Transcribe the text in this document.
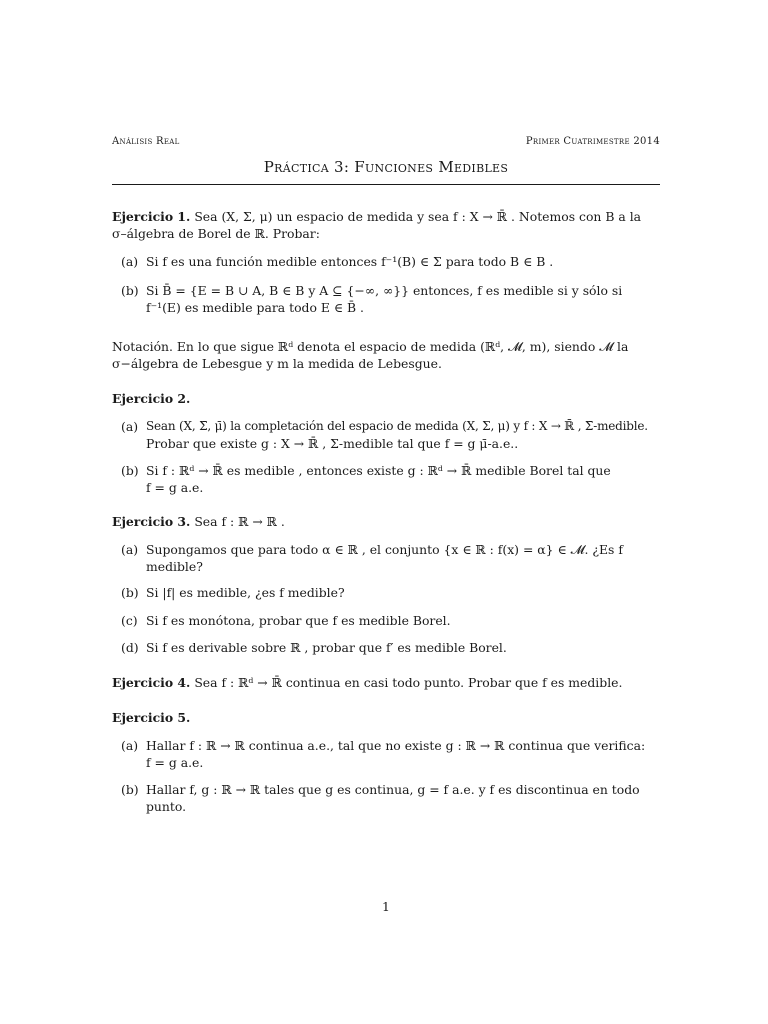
Análisis Real	Primer Cuatrimestre 2014
Práctica 3: Funciones Medibles
Ejercicio 1. Sea (X, Σ, μ) un espacio de medida y sea f : X → ℝ̄ . Notemos con B a la
σ–álgebra de Borel de ℝ. Probar:
(a) Si f es una función medible entonces f⁻¹(B) ∈ Σ para todo B ∈ B .
(b) Si B̄ = {E = B ∪ A, B ∈ B y A ⊆ {−∞, ∞}} entonces, f es medible si y sólo si
f⁻¹(E) es medible para todo E ∈ B̄ .
Notación. En lo que sigue ℝᵈ denota el espacio de medida (ℝᵈ, 𝓜, m), siendo 𝓜 la
σ−álgebra de Lebesgue y m la medida de Lebesgue.
Ejercicio 2.
(a) Sean (X, Σ̄, μ̄) la completación del espacio de medida (X, Σ, μ) y f : X → ℝ̄ , Σ̄-medible.
Probar que existe g : X → ℝ̄ , Σ-medible tal que f = g μ̄-a.e..
(b) Si f : ℝᵈ → ℝ̄ es medible , entonces existe g : ℝᵈ → ℝ̄ medible Borel tal que
f = g a.e.
Ejercicio 3. Sea f : ℝ → ℝ .
(a) Supongamos que para todo α ∈ ℝ , el conjunto {x ∈ ℝ : f(x) = α} ∈ 𝓜. ¿Es f
medible?
(b) Si |f| es medible, ¿es f medible?
(c) Si f es monótona, probar que f es medible Borel.
(d) Si f es derivable sobre ℝ , probar que f′ es medible Borel.
Ejercicio 4. Sea f : ℝᵈ → ℝ̄ continua en casi todo punto. Probar que f es medible.
Ejercicio 5.
(a) Hallar f : ℝ → ℝ continua a.e., tal que no existe g : ℝ → ℝ continua que verifica:
f = g a.e.
(b) Hallar f, g : ℝ → ℝ tales que g es continua, g = f a.e. y f es discontinua en todo
punto.
1
